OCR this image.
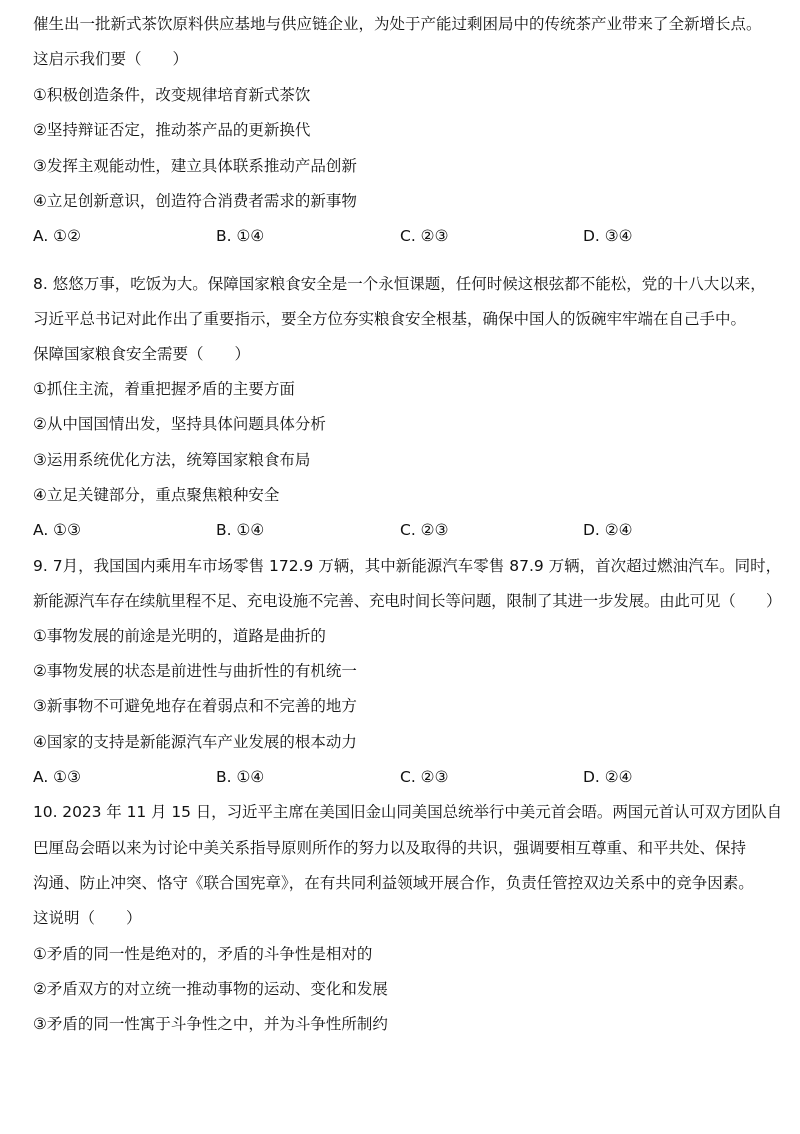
催生出一批新式茶饮原料供应基地与供应链企业，为处于产能过剩困局中的传统茶产业带来了全新增长点。
这启示我们要（　　）
①积极创造条件，改变规律培育新式茶饮
②坚持辩证否定，推动茶产品的更新换代
③发挥主观能动性，建立具体联系推动产品创新
④立足创新意识，创造符合消费者需求的新事物
A. ①②	B. ①④	C. ②③	D. ③④
8. 悠悠万事，吃饭为大。保障国家粮食安全是一个永恒课题，任何时候这根弦都不能松，党的十八大以来，
习近平总书记对此作出了重要指示，要全方位夯实粮食安全根基，确保中国人的饭碗牢牢端在自己手中。
保障国家粮食安全需要（　　）
①抓住主流，着重把握矛盾的主要方面
②从中国国情出发，坚持具体问题具体分析
③运用系统优化方法，统筹国家粮食布局
④立足关键部分，重点聚焦粮种安全
A. ①③	B. ①④	C. ②③	D. ②④
9. 7月，我国国内乘用车市场零售 172.9 万辆，其中新能源汽车零售 87.9 万辆，首次超过燃油汽车。同时，
新能源汽车存在续航里程不足、充电设施不完善、充电时间长等问题，限制了其进一步发展。由此可见（　　）
①事物发展的前途是光明的，道路是曲折的
②事物发展的状态是前进性与曲折性的有机统一
③新事物不可避免地存在着弱点和不完善的地方
④国家的支持是新能源汽车产业发展的根本动力
A. ①③	B. ①④	C. ②③	D. ②④
10. 2023 年 11 月 15 日，习近平主席在美国旧金山同美国总统举行中美元首会晤。两国元首认可双方团队自
巴厘岛会晤以来为讨论中美关系指导原则所作的努力以及取得的共识，强调要相互尊重、和平共处、保持
沟通、防止冲突、恪守《联合国宪章》，在有共同利益领域开展合作，负责任管控双边关系中的竞争因素。
这说明（　　）
①矛盾的同一性是绝对的，矛盾的斗争性是相对的
②矛盾双方的对立统一推动事物的运动、变化和发展
③矛盾的同一性寓于斗争性之中，并为斗争性所制约
